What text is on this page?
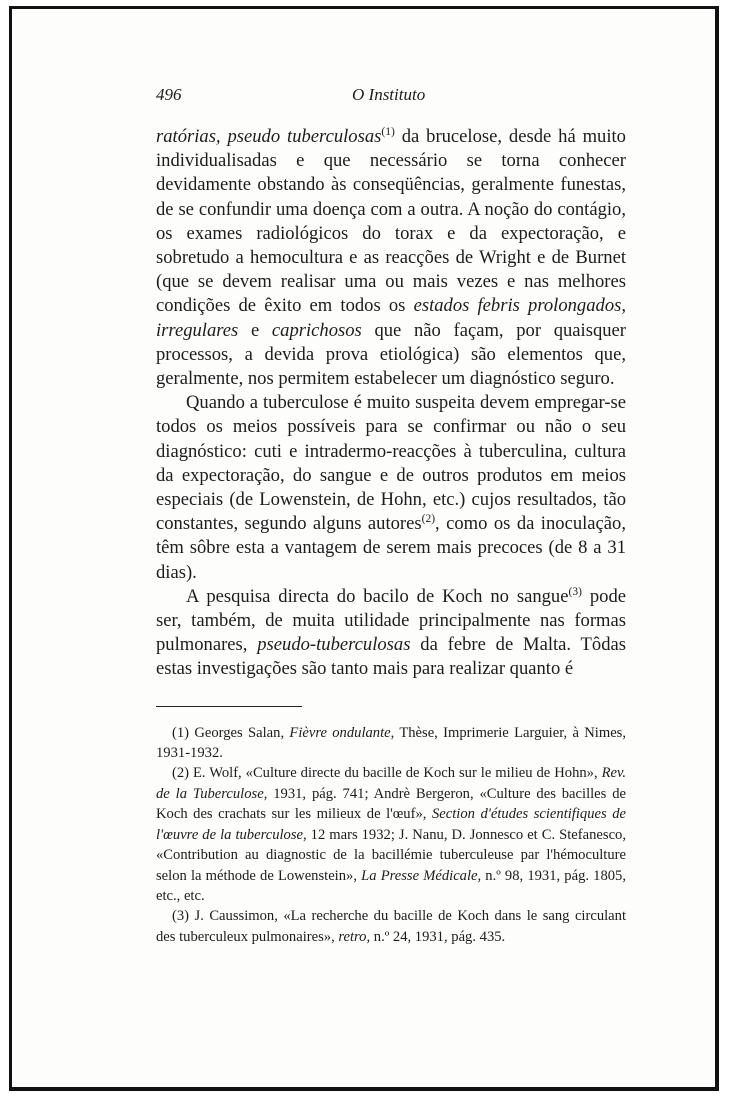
496	O Instituto

ratórias, pseudo tuberculosas$^{(1)}$ da brucelose, desde há muito individualisadas e que necessário se torna conhecer devidamente obstando às conseqüências, geralmente funestas, de se confundir uma doença com a outra. A noção do contágio, os exames radiológicos do torax e da expectoração, e sobretudo a hemocultura e as reacções de Wright e de Burnet (que se devem realisar uma ou mais vezes e nas melhores condições de êxito em todos os estados febris prolongados, irregulares e caprichosos que não façam, por quaisquer processos, a devida prova etiológica) são elementos que, geralmente, nos permitem estabelecer um diagnóstico seguro.

Quando a tuberculose é muito suspeita devem empregar-se todos os meios possíveis para se confirmar ou não o seu diagnóstico: cuti e intradermo-reacções à tuberculina, cultura da expectoração, do sangue e de outros produtos em meios especiais (de Lowenstein, de Hohn, etc.) cujos resultados, tão constantes, segundo alguns autores$^{(2)}$, como os da inoculação, têm sôbre esta a vantagem de serem mais precoces (de 8 a 31 dias).

A pesquisa directa do bacilo de Koch no sangue$^{(3)}$ pode ser, também, de muita utilidade principalmente nas formas pulmonares, pseudo-tuberculosas da febre de Malta. Tôdas estas investigações são tanto mais para realizar quanto é

(1) Georges Salan, Fièvre ondulante, Thèse, Imprimerie Larguier, à Nimes, 1931-1932.

(2) E. Wolf, «Culture directe du bacille de Koch sur le milieu de Hohn», Rev. de la Tuberculose, 1931, pág. 741; Andrè Bergeron, «Culture des bacilles de Koch des crachats sur les milieux de l'œuf», Section d'études scientifiques de l'œuvre de la tuberculose, 12 mars 1932; J. Nanu, D. Jonnesco et C. Stefanesco, «Contribution au diagnostic de la bacillémie tuberculeuse par l'hémoculture selon la méthode de Lowenstein», La Presse Médicale, n.º 98, 1931, pág. 1805, etc., etc.

(3) J. Caussimon, «La recherche du bacille de Koch dans le sang circulant des tuberculeux pulmonaires», retro, n.º 24, 1931, pág. 435.
